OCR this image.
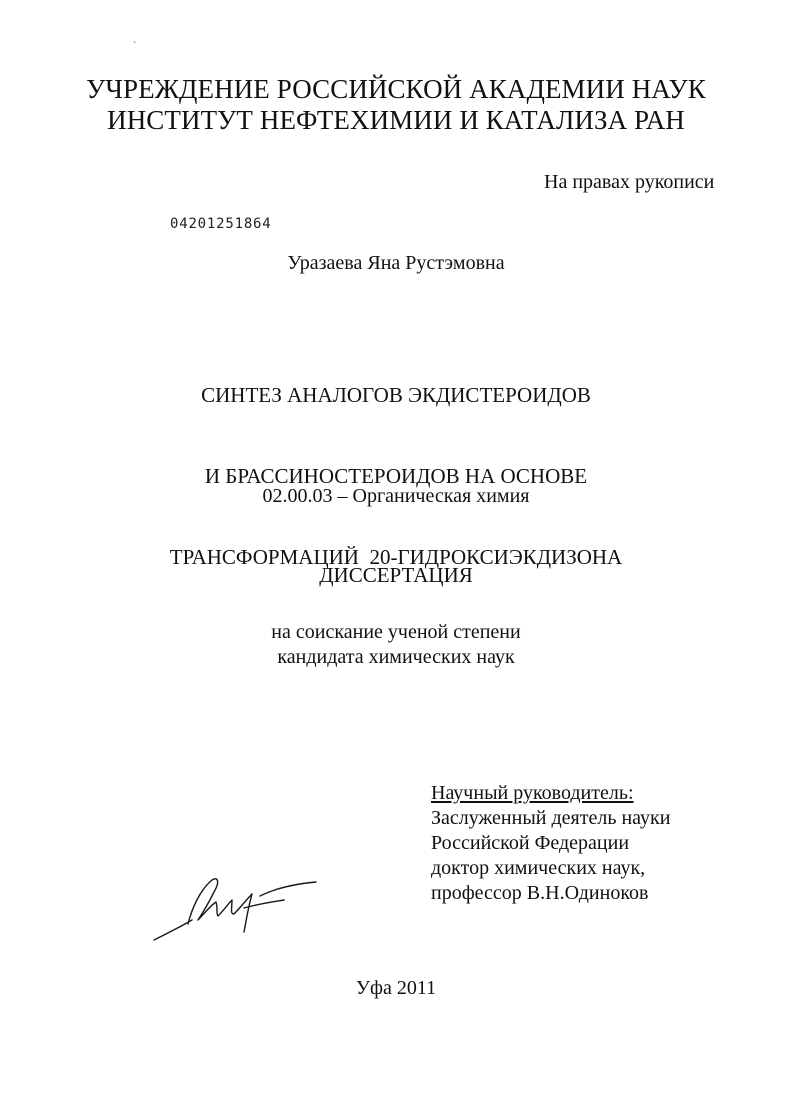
`
УЧРЕЖДЕНИЕ РОССИЙСКОЙ АКАДЕМИИ НАУК
ИНСТИТУТ НЕФТЕХИМИИ И КАТАЛИЗА РАН
На правах рукописи
04201251864
Уразаева Яна Рустэмовна

СИНТЕЗ АНАЛОГОВ ЭКДИСТЕРОИДОВ

И БРАССИНОСТЕРОИДОВ НА ОСНОВЕ

ТРАНСФОРМАЦИЙ  20-ГИДРОКСИЭКДИЗОНА

02.00.03 – Органическая химия
ДИССЕРТАЦИЯ
на соискание ученой степени
кандидата химических наук
Научный руководитель:
Заслуженный деятель науки
Российской Федерации
доктор химических наук,
профессор В.Н.Одиноков
Уфа 2011
